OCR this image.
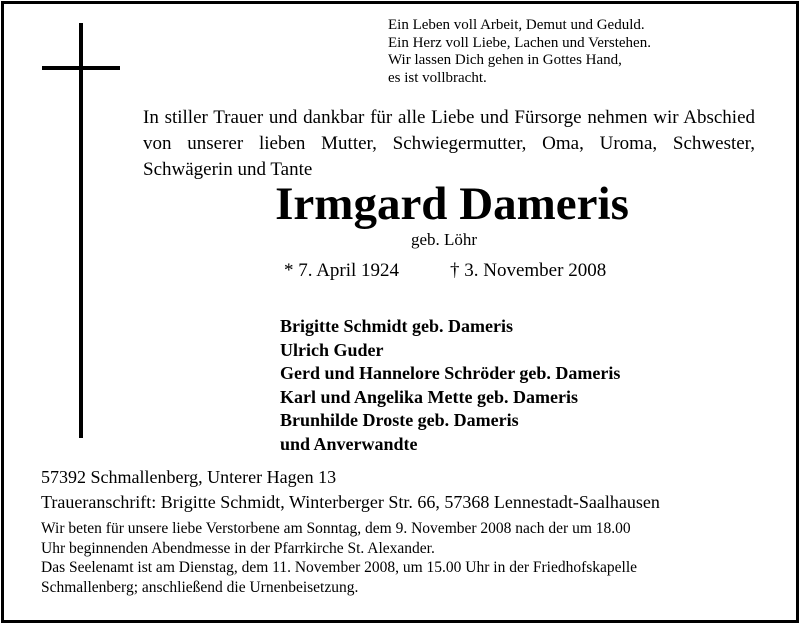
Ein Leben voll Arbeit, Demut und Geduld.
Ein Herz voll Liebe, Lachen und Verstehen.
Wir lassen Dich gehen in Gottes Hand,
es ist vollbracht.
In stiller Trauer und dankbar für alle Liebe und Fürsorge nehmen wir Abschied von unserer lieben Mutter, Schwiegermutter, Oma, Uroma, Schwester, Schwägerin und Tante
Irmgard Dameris
geb. Löhr
* 7. April 1924	† 3. November 2008
Brigitte Schmidt geb. Dameris
Ulrich Guder
Gerd und Hannelore Schröder geb. Dameris
Karl und Angelika Mette geb. Dameris
Brunhilde Droste geb. Dameris
und Anverwandte
57392 Schmallenberg, Unterer Hagen 13
Traueranschrift: Brigitte Schmidt, Winterberger Str. 66, 57368 Lennestadt-Saalhausen
Wir beten für unsere liebe Verstorbene am Sonntag, dem 9. November 2008 nach der um 18.00
Uhr beginnenden Abendmesse in der Pfarrkirche St. Alexander.
Das Seelenamt ist am Dienstag, dem 11. November 2008, um 15.00 Uhr in der Friedhofskapelle
Schmallenberg; anschließend die Urnenbeisetzung.
